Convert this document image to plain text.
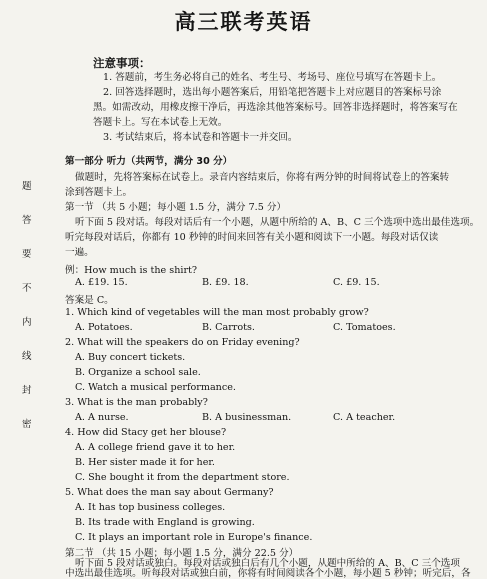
高三联考英语
注意事项：
1. 答题前，考生务必将自己的姓名、考生号、考场号、座位号填写在答题卡上。
2. 回答选择题时，选出每小题答案后，用铅笔把答题卡上对应题目的答案标号涂
黑。如需改动，用橡皮擦干净后，再选涂其他答案标号。回答非选择题时，将答案写在
答题卡上。写在本试卷上无效。
3. 考试结束后，将本试卷和答题卡一并交回。
题
答
要
不
内
线
封
密
第一部分 听力（共两节，满分 30 分）
做题时，先将答案标在试卷上。录音内容结束后，你将有两分钟的时间将试卷上的答案转
涂到答题卡上。
第一节 （共 5 小题；每小题 1.5 分，满分 7.5 分）
听下面 5 段对话。每段对话后有一个小题，从题中所给的 A、B、C 三个选项中选出最佳选项。
听完每段对话后，你都有 10 秒钟的时间来回答有关小题和阅读下一小题。每段对话仅读
一遍。
例：How much is the shirt?
A. £19. 15.	B. £9. 18.	C. £9. 15.
答案是 C。
1. Which kind of vegetables will the man most probably grow?
A. Potatoes.	B. Carrots.	C. Tomatoes.
2. What will the speakers do on Friday evening?
A. Buy concert tickets.
B. Organize a school sale.
C. Watch a musical performance.
3. What is the man probably?
A. A nurse.	B. A businessman.	C. A teacher.
4. How did Stacy get her blouse?
A. A college friend gave it to her.
B. Her sister made it for her.
C. She bought it from the department store.
5. What does the man say about Germany?
A. It has top business colleges.
B. Its trade with England is growing.
C. It plays an important role in Europe's finance.
第二节 （共 15 小题；每小题 1.5 分，满分 22.5 分）
听下面 5 段对话或独白。每段对话或独白后有几个小题，从题中所给的 A、B、C 三个选项
中选出最佳选项。听每段对话或独白前，你将有时间阅读各个小题，每小题 5 秒钟；听完后，各
